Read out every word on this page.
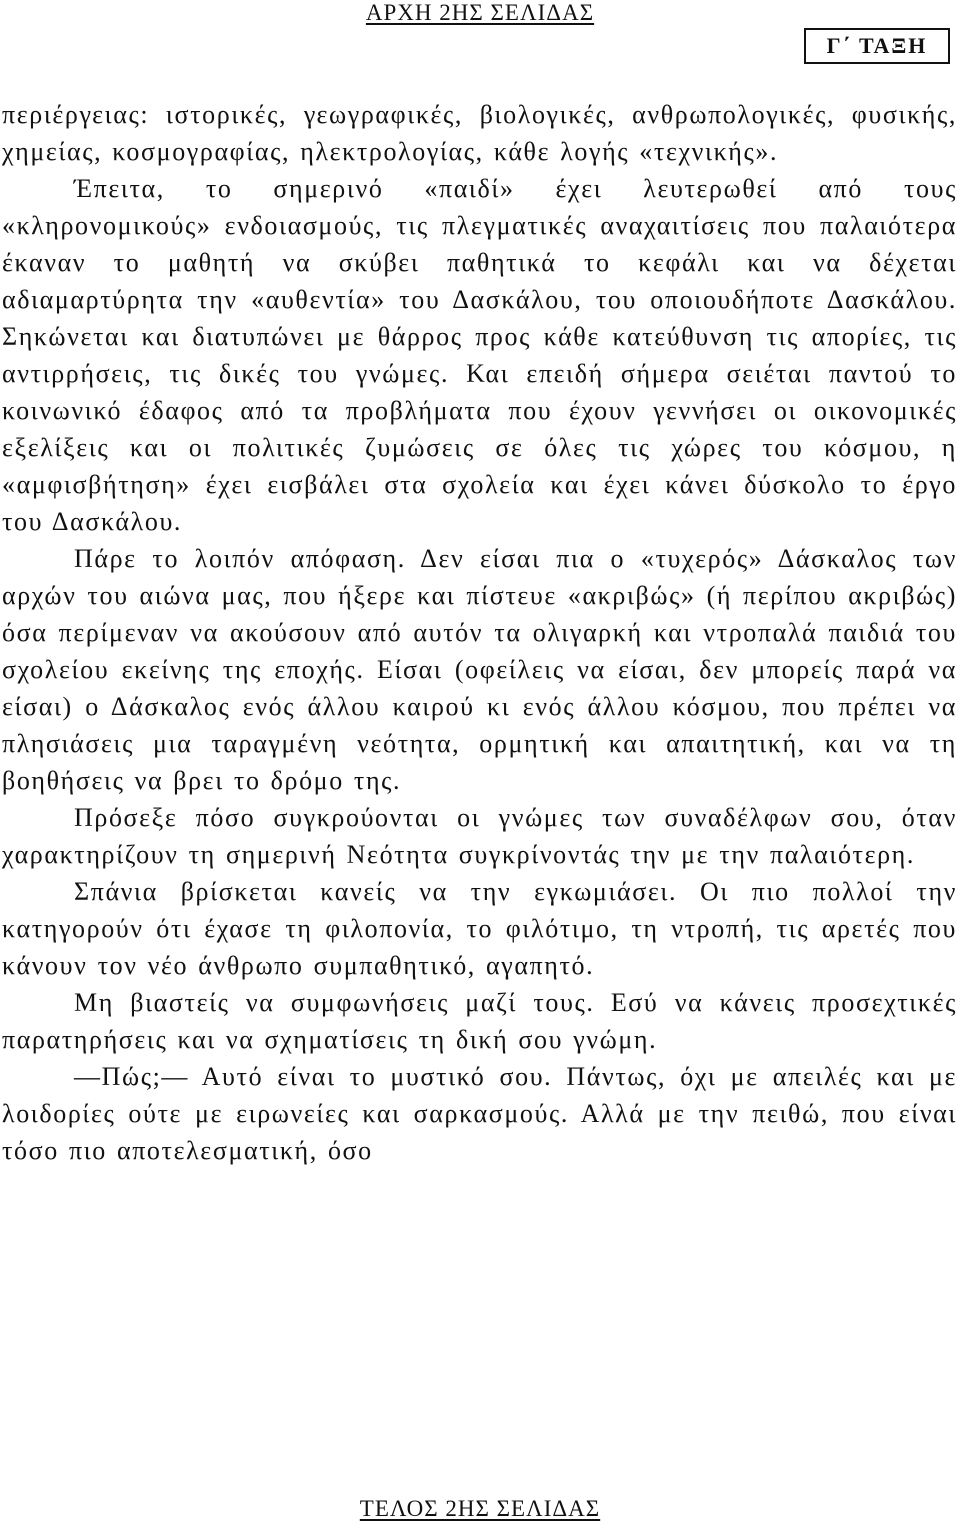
ΑΡΧΗ 2ΗΣ ΣΕΛΙΔΑΣ
Γ΄ ΤΑΞΗ

περιέργειας: ιστορικές, γεωγραφικές, βιολογικές, ανθρωπολογικές, φυσικής, χημείας, κοσμογραφίας, ηλεκτρολογίας, κάθε λογής «τεχνικής».

Έπειτα, το σημερινό «παιδί» έχει λευτερωθεί από τους «κληρονομικούς» ενδοιασμούς, τις πλεγματικές αναχαιτίσεις που παλαιότερα έκαναν το μαθητή να σκύβει παθητικά το κεφάλι και να δέχεται αδιαμαρτύρητα την «αυθεντία» του Δασκάλου, του οποιουδήποτε Δασκάλου. Σηκώνεται και διατυπώνει με θάρρος προς κάθε κατεύθυνση τις απορίες, τις αντιρρήσεις, τις δικές του γνώμες. Και επειδή σήμερα σειέται παντού το κοινωνικό έδαφος από τα προβλήματα που έχουν γεννήσει οι οικονομικές εξελίξεις και οι πολιτικές ζυμώσεις σε όλες τις χώρες του κόσμου, η «αμφισβήτηση» έχει εισβάλει στα σχολεία και έχει κάνει δύσκολο το έργο του Δασκάλου.

Πάρε το λοιπόν απόφαση. Δεν είσαι πια ο «τυχερός» Δάσκαλος των αρχών του αιώνα μας, που ήξερε και πίστευε «ακριβώς» (ή περίπου ακριβώς) όσα περίμεναν να ακούσουν από αυτόν τα ολιγαρκή και ντροπαλά παιδιά του σχολείου εκείνης της εποχής. Είσαι (οφείλεις να είσαι, δεν μπορείς παρά να είσαι) ο Δάσκαλος ενός άλλου καιρού κι ενός άλλου κόσμου, που πρέπει να πλησιάσεις μια ταραγμένη νεότητα, ορμητική και απαιτητική, και να τη βοηθήσεις να βρει το δρόμο της.

Πρόσεξε πόσο συγκρούονται οι γνώμες των συναδέλφων σου, όταν χαρακτηρίζουν τη σημερινή Νεότητα συγκρίνοντάς την με την παλαιότερη.

Σπάνια βρίσκεται κανείς να την εγκωμιάσει. Οι πιο πολλοί την κατηγορούν ότι έχασε τη φιλοπονία, το φιλότιμο, τη ντροπή, τις αρετές που κάνουν τον νέο άνθρωπο συμπαθητικό, αγαπητό.

Μη βιαστείς να συμφωνήσεις μαζί τους. Εσύ να κάνεις προσεχτικές παρατηρήσεις και να σχηματίσεις τη δική σου γνώμη.

—Πώς;— Αυτό είναι το μυστικό σου. Πάντως, όχι με απειλές και με λοιδορίες ούτε με ειρωνείες και σαρκασμούς. Αλλά με την πειθώ, που είναι τόσο πιο αποτελεσματική, όσο

ΤΕΛΟΣ 2ΗΣ ΣΕΛΙΔΑΣ
